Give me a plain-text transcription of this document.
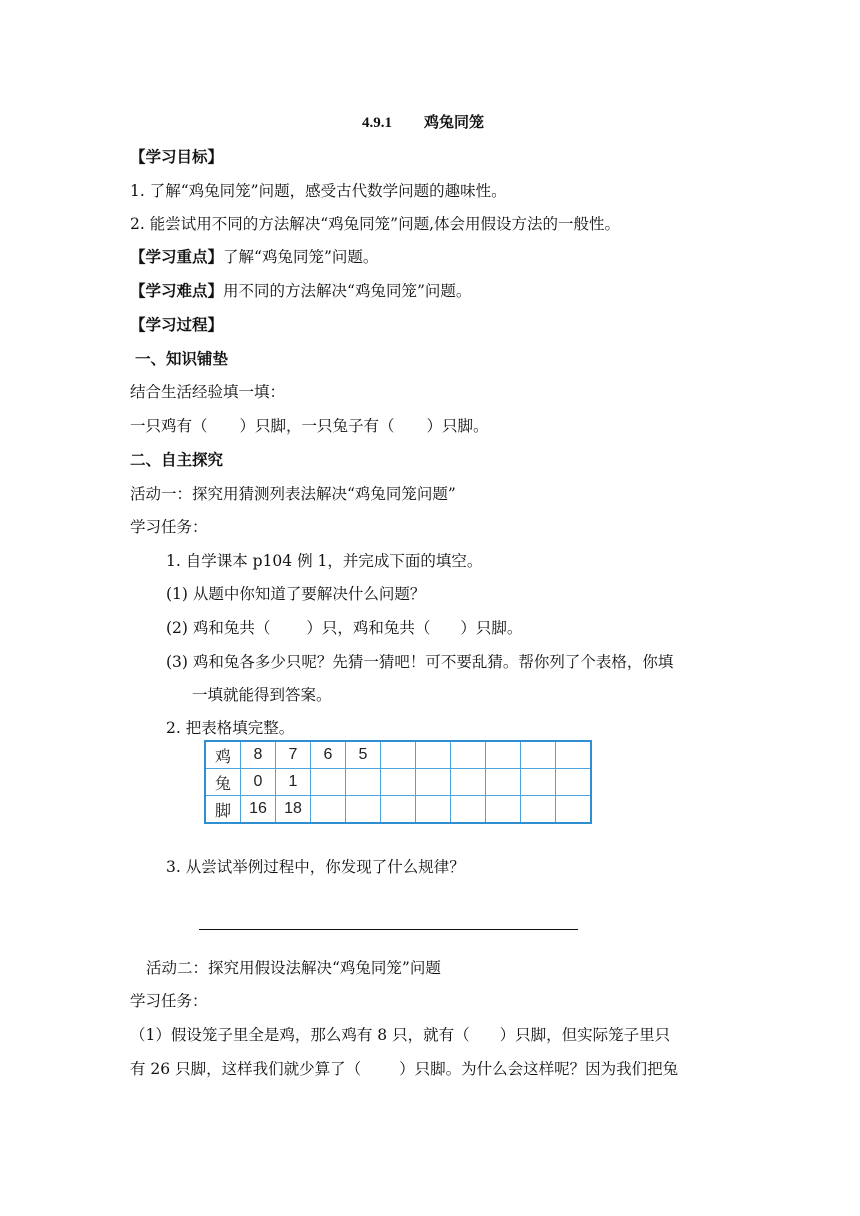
4.9.1 鸡兔同笼
【学习目标】
1. 了解“鸡兔同笼”问题，感受古代数学问题的趣味性。
2. 能尝试用不同的方法解决“鸡兔同笼”问题,体会用假设方法的一般性。
【学习重点】了解“鸡兔同笼”问题。
【学习难点】用不同的方法解决“鸡兔同笼”问题。
【学习过程】
一、知识铺垫
结合生活经验填一填：
一只鸡有（ ）只脚，一只兔子有（ ）只脚。
二、自主探究
活动一：探究用猜测列表法解决“鸡兔同笼问题”
学习任务：
1. 自学课本 p104 例 1，并完成下面的填空。
(1) 从题中你知道了要解决什么问题？
(2) 鸡和兔共（ ）只，鸡和兔共（ ）只脚。
(3) 鸡和兔各多少只呢？先猜一猜吧！可不要乱猜。帮你列了个表格，你填
一填就能得到答案。
2. 把表格填完整。
鸡	8	7	6	5						
兔	0	1								
脚	16	18								
3. 从尝试举例过程中，你发现了什么规律？
活动二：探究用假设法解决“鸡兔同笼”问题
学习任务：
（1）假设笼子里全是鸡，那么鸡有 8 只，就有（ ）只脚，但实际笼子里只
有 26 只脚，这样我们就少算了（ ）只脚。为什么会这样呢？因为我们把兔
